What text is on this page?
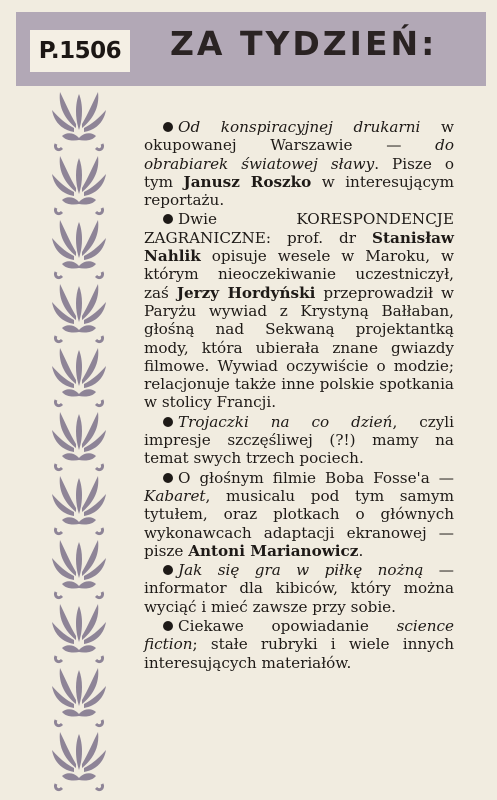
P.1506 ZA TYDZIEŃ:

Od konspiracyjnej drukarni w okupowanej Warszawie — do obrabiarek światowej sławy. Pisze o tym Janusz Roszko w interesującym reportażu.

Dwie KORESPONDENCJE ZAGRANICZNE: prof. dr Stanisław Nahlik opisuje wesele w Maroku, w którym nieoczekiwanie uczestniczył, zaś Jerzy Hordyński przeprowadził w Paryżu wywiad z Krystyną Bałłaban, głośną nad Sekwaną projektantką mody, która ubierała znane gwiazdy filmowe. Wywiad oczywiście o modzie; relacjonuje także inne polskie spotkania w stolicy Francji.

Trojaczki na co dzień, czyli impresje szczęśliwej (?!) mamy na temat swych trzech pociech.

O głośnym filmie Boba Fosse'a — Kabaret, musicalu pod tym samym tytułem, oraz plotkach o głównych wykonawcach adaptacji ekranowej — pisze Antoni Marianowicz.

Jak się gra w piłkę nożną — informator dla kibiców, który można wyciąć i mieć zawsze przy sobie.

Ciekawe opowiadanie science fiction; stałe rubryki i wiele innych interesujących materiałów.
